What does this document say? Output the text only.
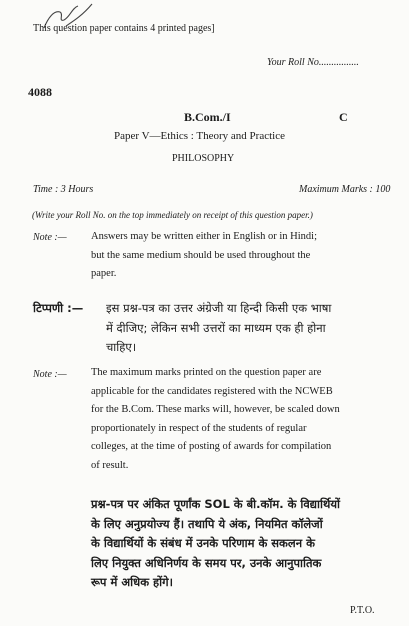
This question paper contains 4 printed pages]
Your Roll No................
4088
B.Com./I	C
Paper V—Ethics : Theory and Practice
PHILOSOPHY
Time : 3 Hours	Maximum Marks : 100
(Write your Roll No. on the top immediately on receipt of this question paper.)
Note :— Answers may be written either in English or in Hindi;
but the same medium should be used throughout the
paper.
टिप्पणी :— इस प्रश्न-पत्र का उत्तर अंग्रेजी या हिन्दी किसी एक भाषा
में दीजिए; लेकिन सभी उत्तरों का माध्यम एक ही होना
चाहिए।
Note :— The maximum marks printed on the question paper are
applicable for the candidates registered with the NCWEB
for the B.Com. These marks will, however, be scaled down
proportionately in respect of the students of regular
colleges, at the time of posting of awards for compilation
of result.
प्रश्न-पत्र पर अंकित पूर्णांक SOL के बी.कॉम. के विद्यार्थियों
के लिए अनुप्रयोज्य हैं। तथापि ये अंक, नियमित कॉलेजों
के विद्यार्थियों के संबंध में उनके परिणाम के सकलन के
लिए नियुक्त अधिनिर्णय के समय पर, उनके आनुपातिक
रूप में अधिक होंगे।
P.T.O.
